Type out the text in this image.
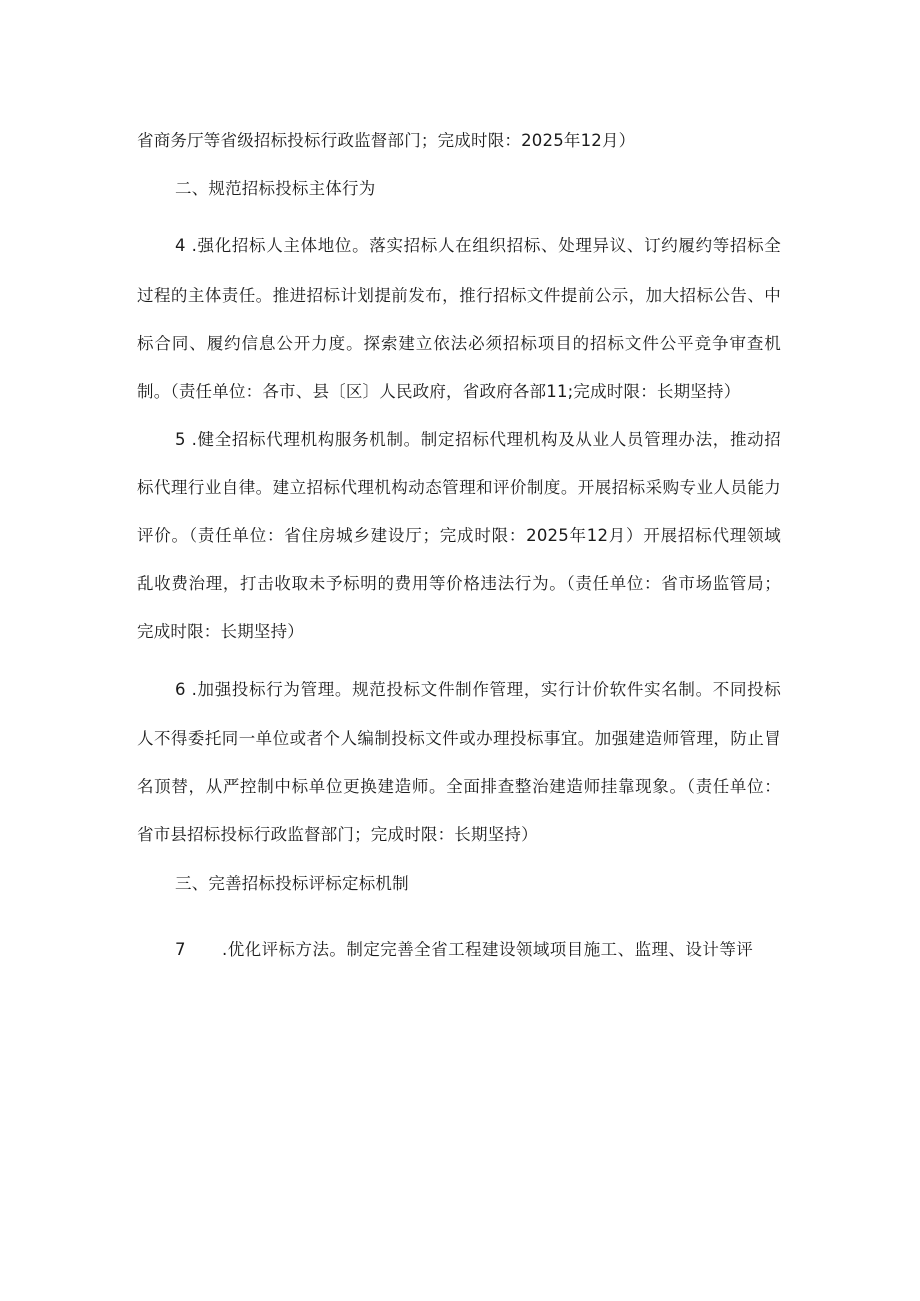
省商务厅等省级招标投标行政监督部门；完成时限：2025年12月）
二、规范招标投标主体行为
4 .强化招标人主体地位。落实招标人在组织招标、处理异议、订约履约等招标全
过程的主体责任。推进招标计划提前发布，推行招标文件提前公示，加大招标公告、中
标合同、履约信息公开力度。探索建立依法必须招标项目的招标文件公平竞争审查机
制。（责任单位：各市、县〔区〕人民政府，省政府各部11;完成时限：长期坚持）
5 .健全招标代理机构服务机制。制定招标代理机构及从业人员管理办法，推动招
标代理行业自律。建立招标代理机构动态管理和评价制度。开展招标采购专业人员能力
评价。（责任单位：省住房城乡建设厅；完成时限：2025年12月）开展招标代理领域
乱收费治理，打击收取未予标明的费用等价格违法行为。（责任单位：省市场监管局；
完成时限：长期坚持）
6 .加强投标行为管理。规范投标文件制作管理，实行计价软件实名制。不同投标
人不得委托同一单位或者个人编制投标文件或办理投标事宜。加强建造师管理，防止冒
名顶替，从严控制中标单位更换建造师。全面排查整治建造师挂靠现象。（责任单位：
省市县招标投标行政监督部门；完成时限：长期坚持）
三、完善招标投标评标定标机制
7 .优化评标方法。制定完善全省工程建设领域项目施工、监理、设计等评
